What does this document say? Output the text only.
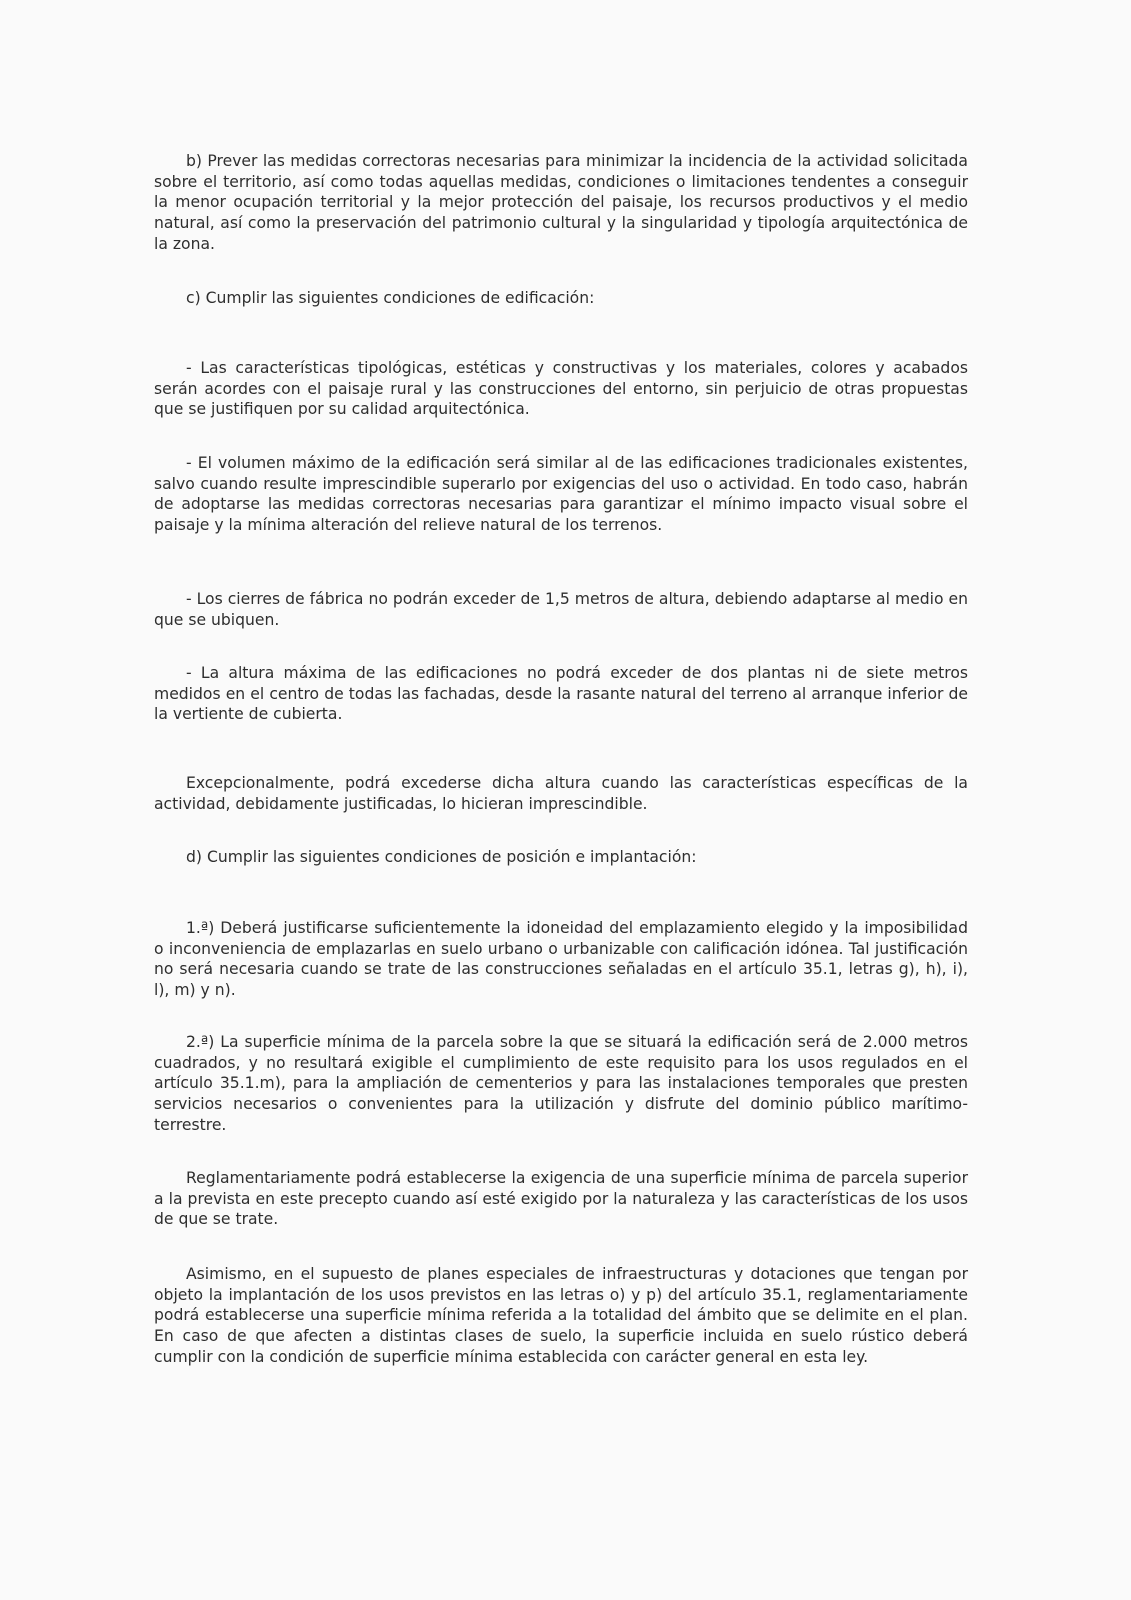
b) Prever las medidas correctoras necesarias para minimizar la incidencia de la actividad solicitada sobre el territorio, así como todas aquellas medidas, condiciones o limitaciones tendentes a conseguir la menor ocupación territorial y la mejor protección del paisaje, los recursos productivos y el medio natural, así como la preservación del patrimonio cultural y la singularidad y tipología arquitectónica de la zona.

c) Cumplir las siguientes condiciones de edificación:

- Las características tipológicas, estéticas y constructivas y los materiales, colores y acabados serán acordes con el paisaje rural y las construcciones del entorno, sin perjuicio de otras propuestas que se justifiquen por su calidad arquitectónica.

- El volumen máximo de la edificación será similar al de las edificaciones tradicionales existentes, salvo cuando resulte imprescindible superarlo por exigencias del uso o actividad. En todo caso, habrán de adoptarse las medidas correctoras necesarias para garantizar el mínimo impacto visual sobre el paisaje y la mínima alteración del relieve natural de los terrenos.

- Los cierres de fábrica no podrán exceder de 1,5 metros de altura, debiendo adaptarse al medio en que se ubiquen.

- La altura máxima de las edificaciones no podrá exceder de dos plantas ni de siete metros medidos en el centro de todas las fachadas, desde la rasante natural del terreno al arranque inferior de la vertiente de cubierta.

Excepcionalmente, podrá excederse dicha altura cuando las características específicas de la actividad, debidamente justificadas, lo hicieran imprescindible.

d) Cumplir las siguientes condiciones de posición e implantación:

1.ª) Deberá justificarse suficientemente la idoneidad del emplazamiento elegido y la imposibilidad o inconveniencia de emplazarlas en suelo urbano o urbanizable con calificación idónea. Tal justificación no será necesaria cuando se trate de las construcciones señaladas en el artículo 35.1, letras g), h), i), l), m) y n).

2.ª) La superficie mínima de la parcela sobre la que se situará la edificación será de 2.000 metros cuadrados, y no resultará exigible el cumplimiento de este requisito para los usos regulados en el artículo 35.1.m), para la ampliación de cementerios y para las instalaciones temporales que presten servicios necesarios o convenientes para la utilización y disfrute del dominio público marítimo-terrestre.

Reglamentariamente podrá establecerse la exigencia de una superficie mínima de parcela superior a la prevista en este precepto cuando así esté exigido por la naturaleza y las características de los usos de que se trate.

Asimismo, en el supuesto de planes especiales de infraestructuras y dotaciones que tengan por objeto la implantación de los usos previstos en las letras o) y p) del artículo 35.1, reglamentariamente podrá establecerse una superficie mínima referida a la totalidad del ámbito que se delimite en el plan. En caso de que afecten a distintas clases de suelo, la superficie incluida en suelo rústico deberá cumplir con la condición de superficie mínima establecida con carácter general en esta ley.
